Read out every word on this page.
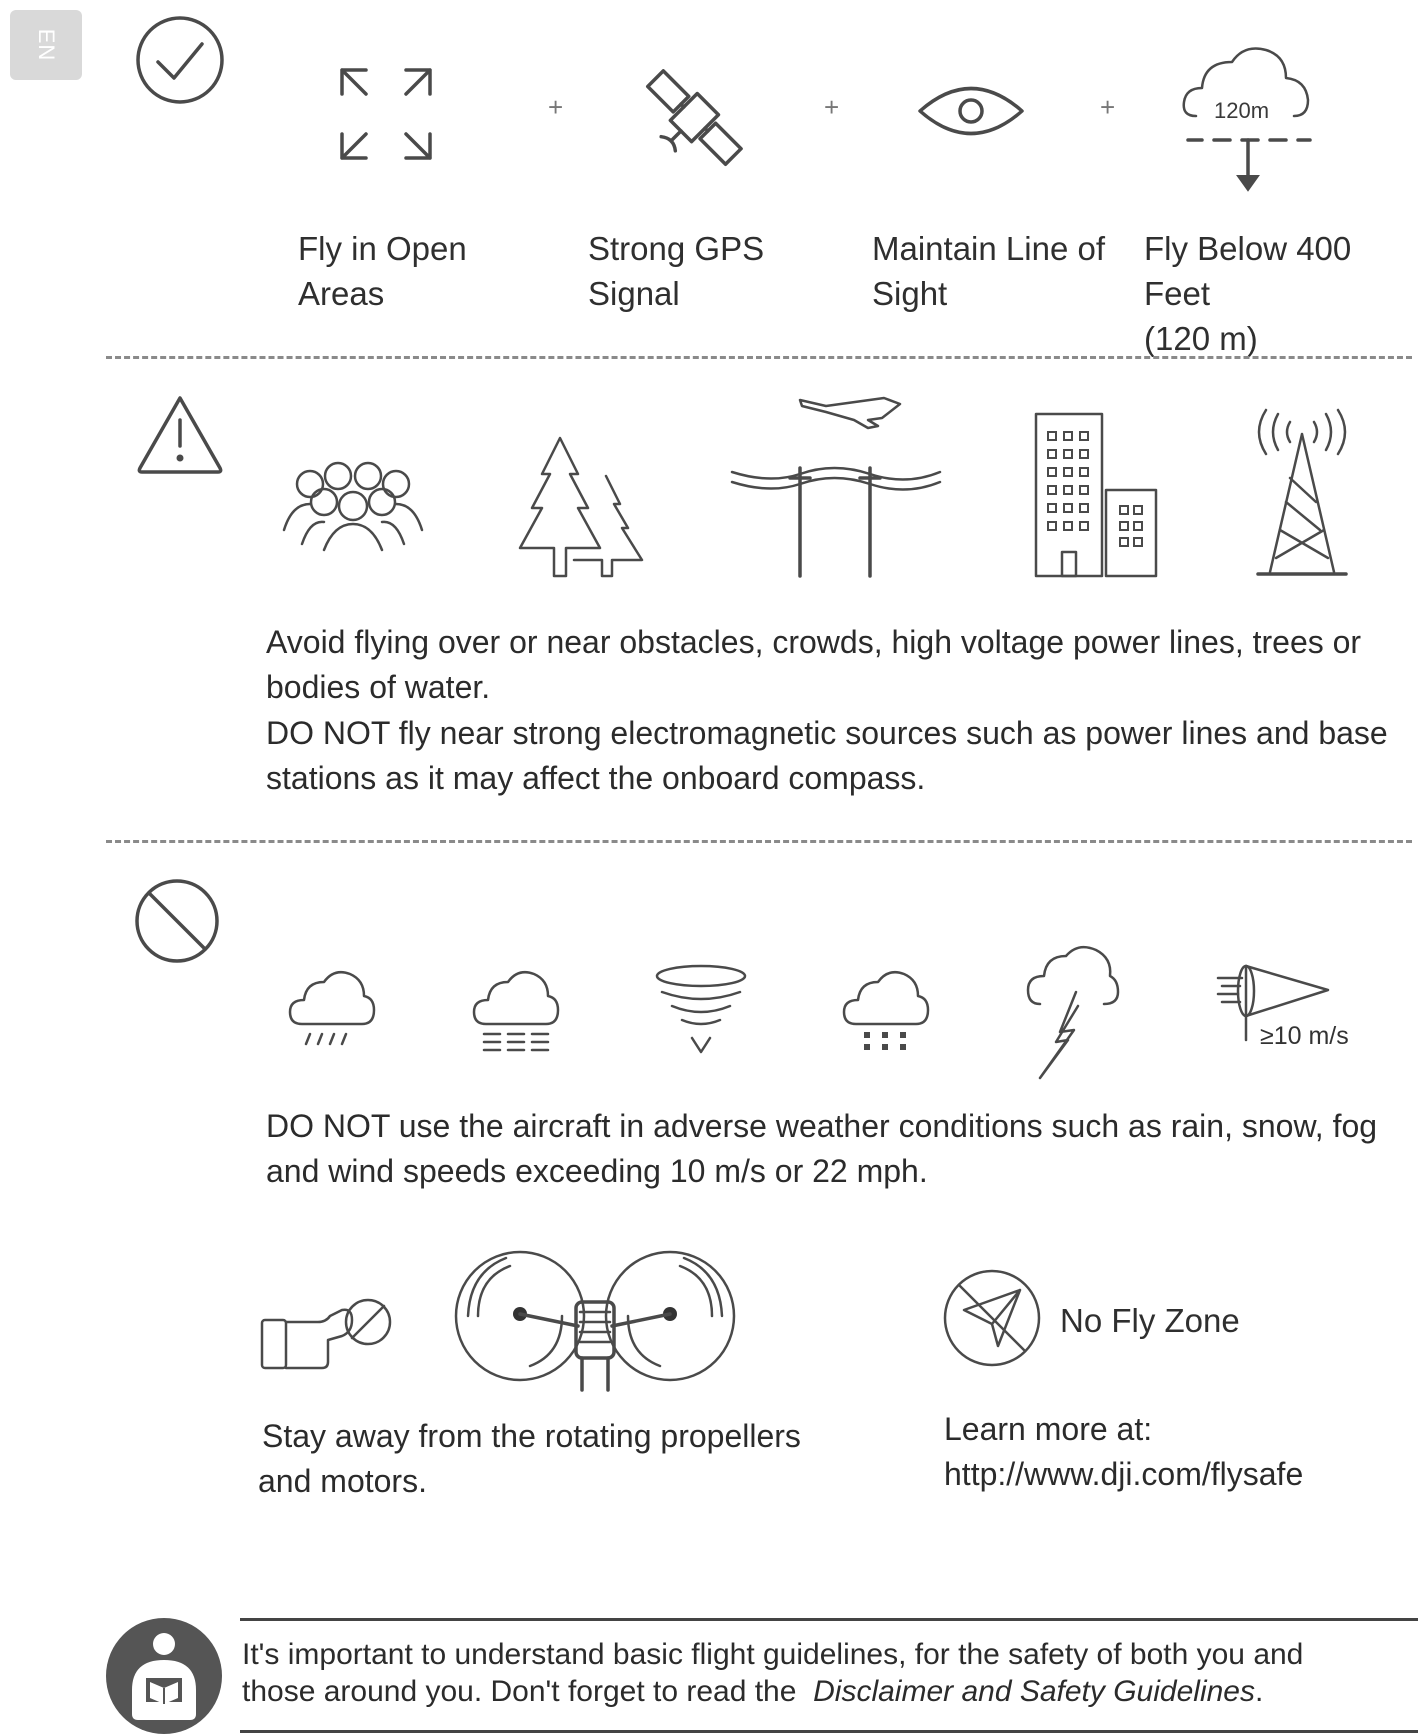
EN
+	+	+	120m
Fly in Open
Areas
Strong GPS
Signal
Maintain Line of
Sight
Fly Below 400 Feet
(120 m)
Avoid flying over or near obstacles, crowds, high voltage power lines, trees or
bodies of water.
DO NOT fly near strong electromagnetic sources such as power lines and base
stations as it may affect the onboard compass.
≥10 m/s
DO NOT use the aircraft in adverse weather conditions such as rain, snow, fog
and wind speeds exceeding 10 m/s or 22 mph.
Stay away from the rotating propellers
and motors.
No Fly Zone
Learn more at:
http://www.dji.com/flysafe
It's important to understand basic flight guidelines, for the safety of both you and
those around you. Don't forget to read the Disclaimer and Safety Guidelines.
